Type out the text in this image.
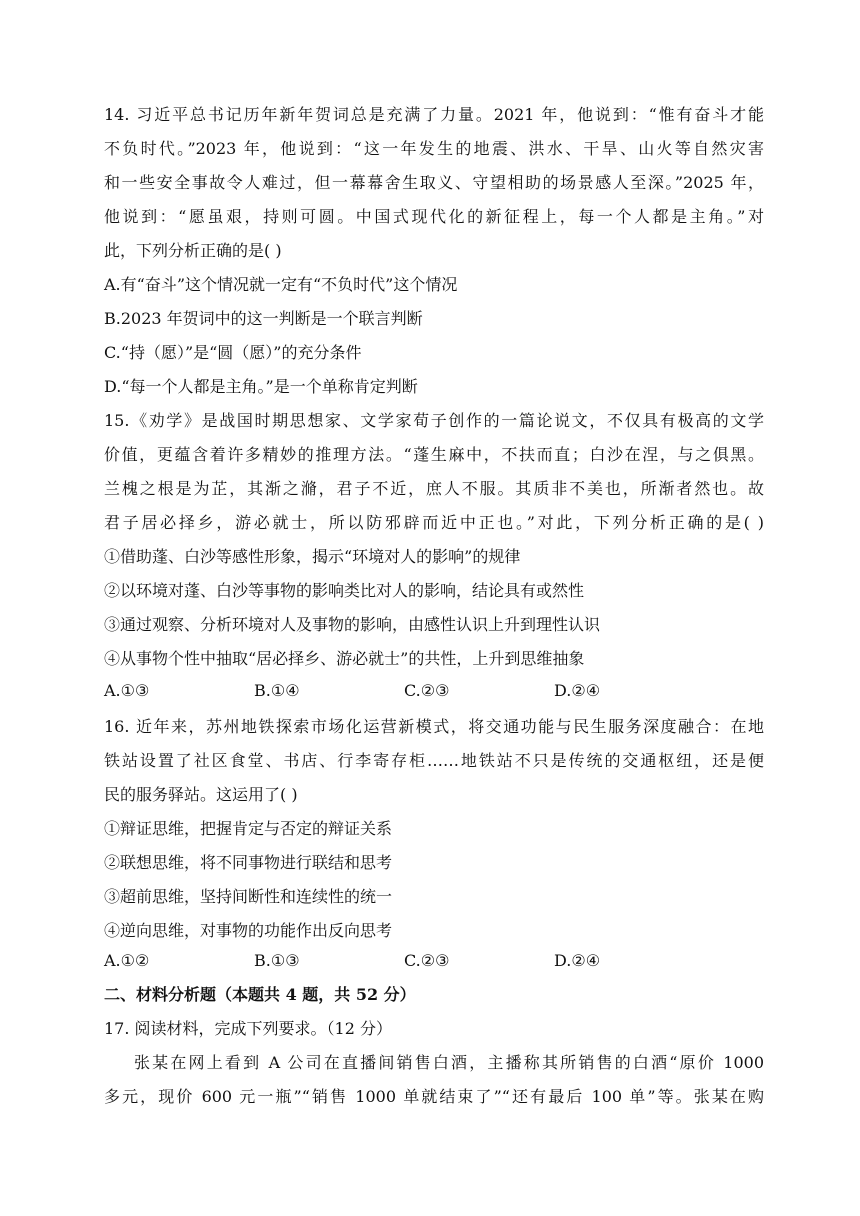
14. 习近平总书记历年新年贺词总是充满了力量。2021 年，他说到：“惟有奋斗才能
不负时代。”2023 年，他说到：“这一年发生的地震、洪水、干旱、山火等自然灾害
和一些安全事故令人难过，但一幕幕舍生取义、守望相助的场景感人至深。”2025 年，
他说到：“愿虽艰，持则可圆。中国式现代化的新征程上，每一个人都是主角。”对
此，下列分析正确的是( )
A.有“奋斗”这个情况就一定有“不负时代”这个情况
B.2023 年贺词中的这一判断是一个联言判断
C.“持（愿）”是“圆（愿）”的充分条件
D.“每一个人都是主角。”是一个单称肯定判断
15.《劝学》是战国时期思想家、文学家荀子创作的一篇论说文，不仅具有极高的文学
价值，更蕴含着许多精妙的推理方法。“蓬生麻中，不扶而直；白沙在涅，与之俱黑。
兰槐之根是为芷，其渐之滫，君子不近，庶人不服。其质非不美也，所渐者然也。故
君子居必择乡，游必就士，所以防邪辟而近中正也。”对此，下列分析正确的是( )
①借助蓬、白沙等感性形象，揭示“环境对人的影响”的规律
②以环境对蓬、白沙等事物的影响类比对人的影响，结论具有或然性
③通过观察、分析环境对人及事物的影响，由感性认识上升到理性认识
④从事物个性中抽取“居必择乡、游必就士”的共性，上升到思维抽象
A.①③	B.①④	C.②③	D.②④
16. 近年来，苏州地铁探索市场化运营新模式，将交通功能与民生服务深度融合：在地
铁站设置了社区食堂、书店、行李寄存柜……地铁站不只是传统的交通枢纽，还是便
民的服务驿站。这运用了( )
①辩证思维，把握肯定与否定的辩证关系
②联想思维，将不同事物进行联结和思考
③超前思维，坚持间断性和连续性的统一
④逆向思维，对事物的功能作出反向思考
A.①②	B.①③	C.②③	D.②④
二、材料分析题（本题共 4 题，共 52 分）
17. 阅读材料，完成下列要求。（12 分）
张某在网上看到 A 公司在直播间销售白酒，主播称其所销售的白酒“原价 1000
多元，现价 600 元一瓶”“销售 1000 单就结束了”“还有最后 100 单”等。张某在购
